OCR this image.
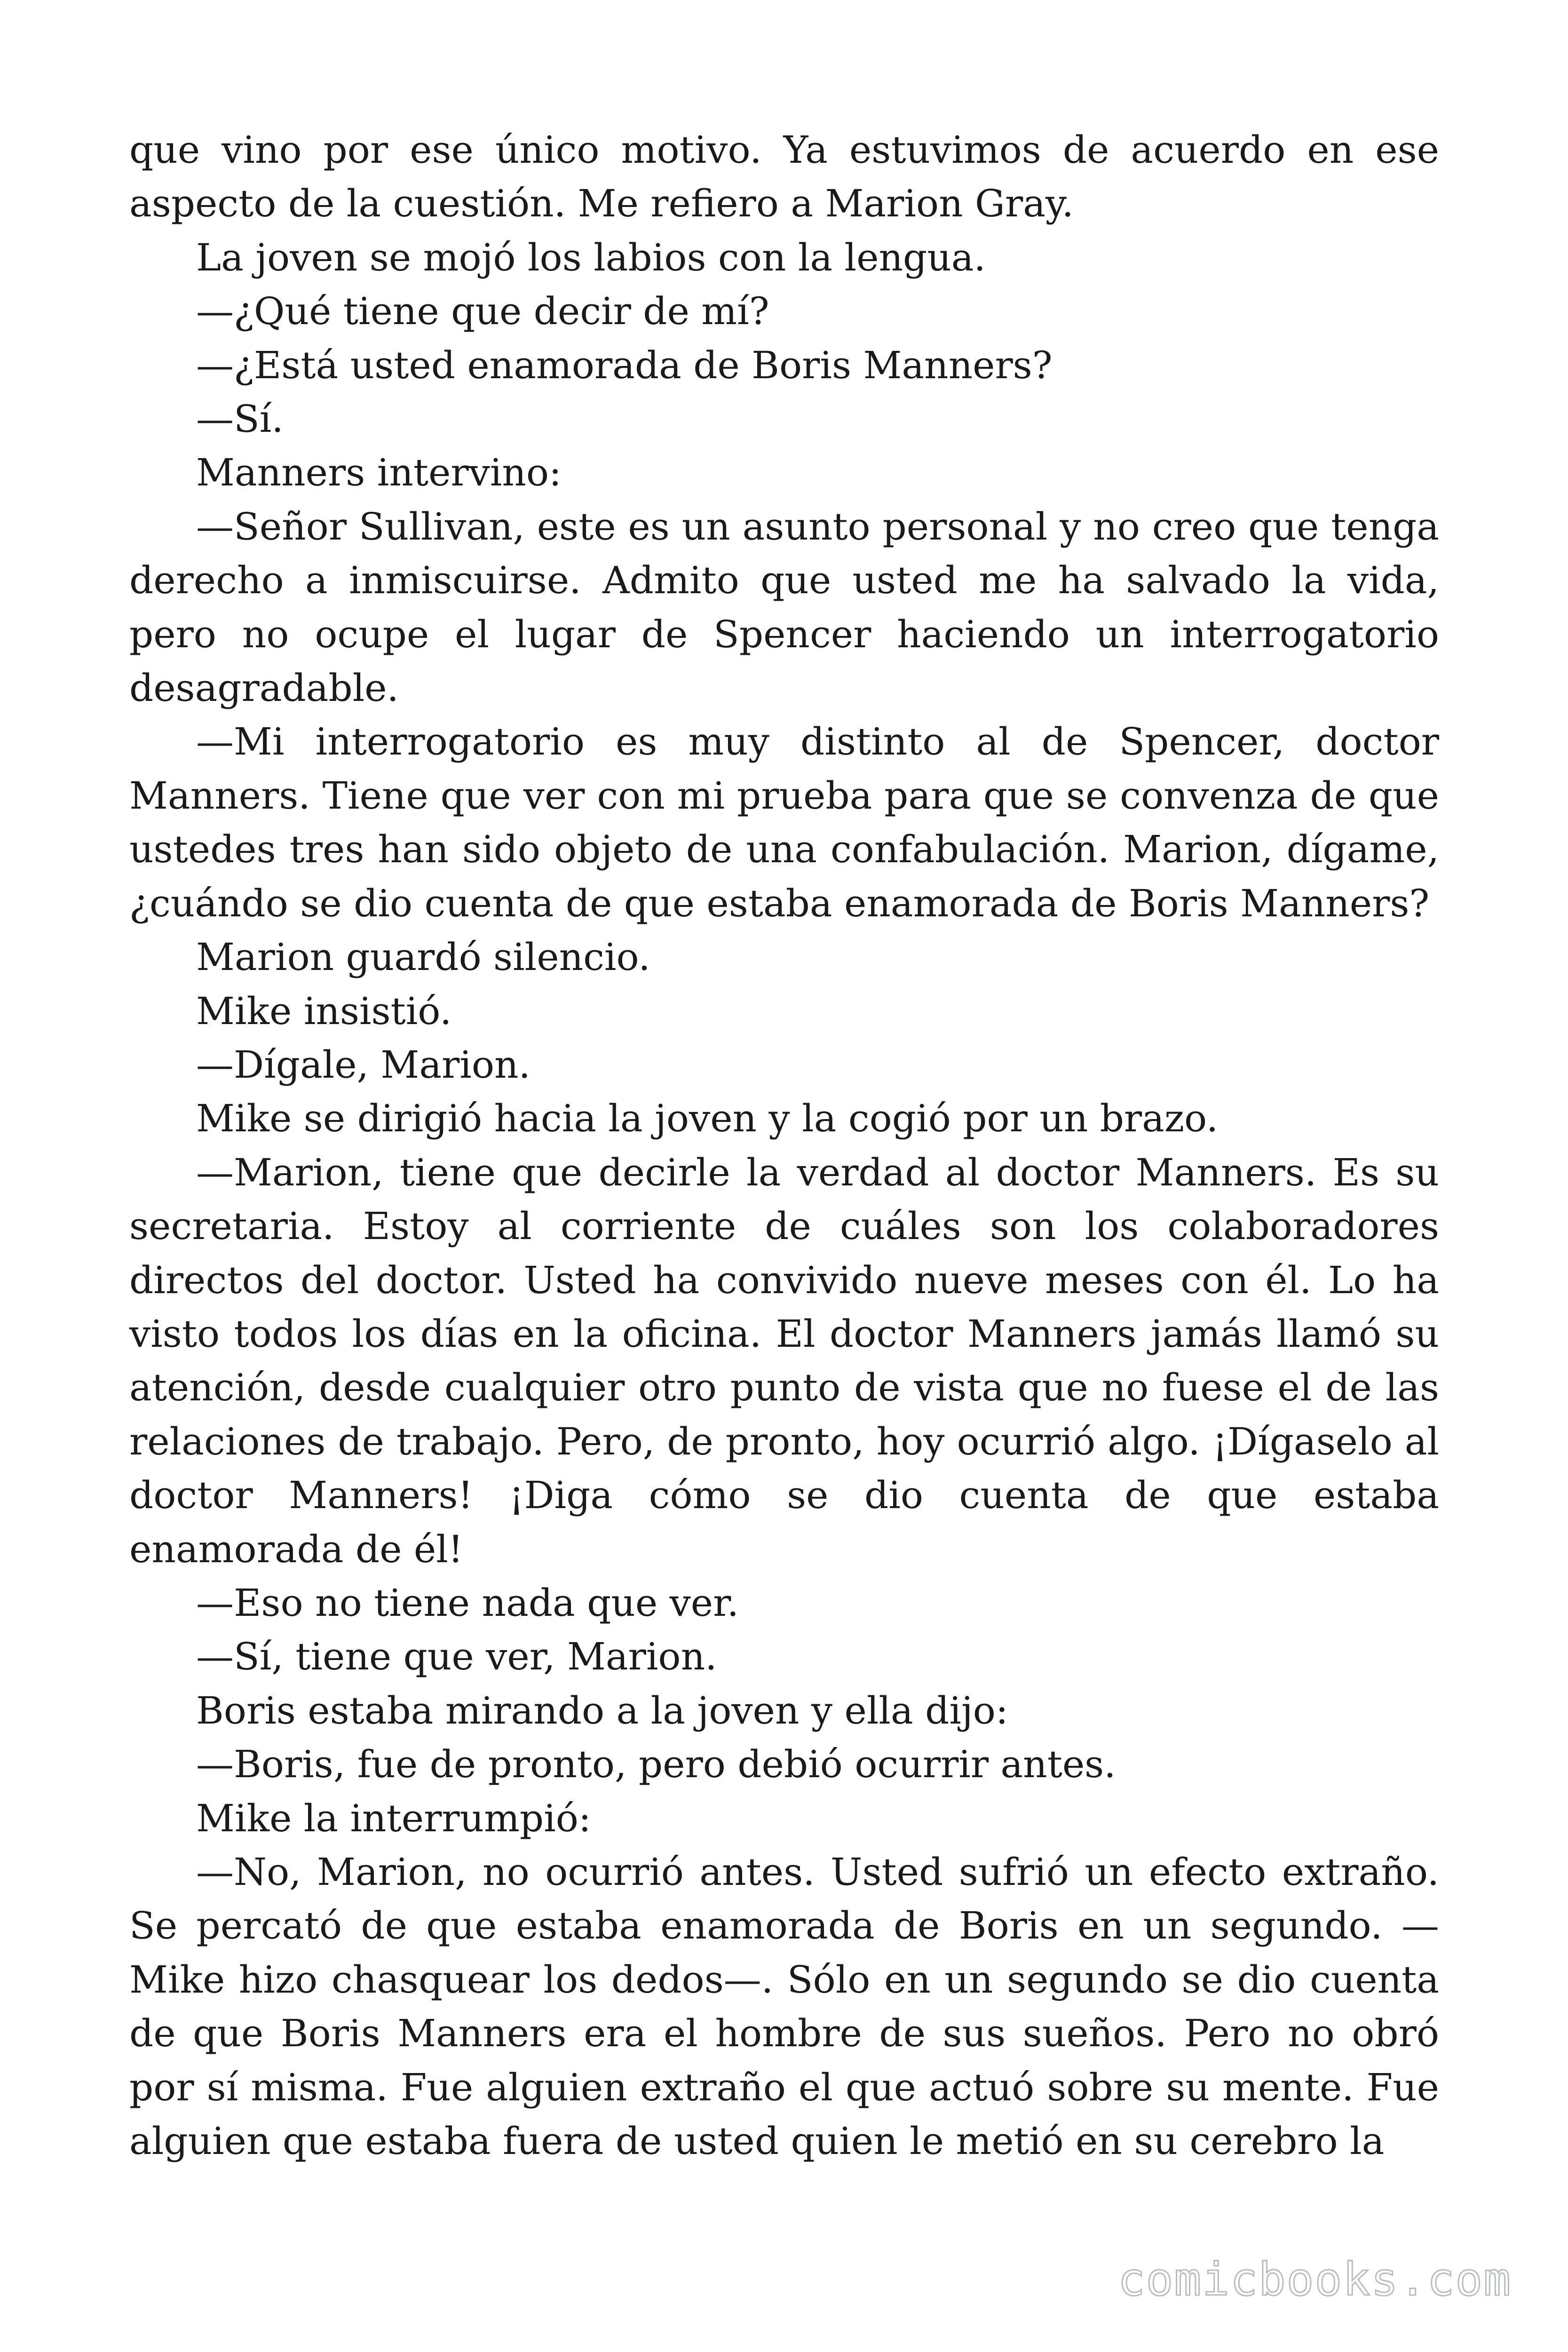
que vino por ese único motivo. Ya estuvimos de acuerdo en ese aspecto de la cuestión. Me refiero a Marion Gray.

La joven se mojó los labios con la lengua.

—¿Qué tiene que decir de mí?

—¿Está usted enamorada de Boris Manners?

—Sí.

Manners intervino:

—Señor Sullivan, este es un asunto personal y no creo que tenga derecho a inmiscuirse. Admito que usted me ha salvado la vida, pero no ocupe el lugar de Spencer haciendo un interrogatorio desagradable.

—Mi interrogatorio es muy distinto al de Spencer, doctor Manners. Tiene que ver con mi prueba para que se convenza de que ustedes tres han sido objeto de una confabulación. Marion, dígame, ¿cuándo se dio cuenta de que estaba enamorada de Boris Manners?

Marion guardó silencio.

Mike insistió.

—Dígale, Marion.

Mike se dirigió hacia la joven y la cogió por un brazo.

—Marion, tiene que decirle la verdad al doctor Manners. Es su secretaria. Estoy al corriente de cuáles son los colaboradores directos del doctor. Usted ha convivido nueve meses con él. Lo ha visto todos los días en la oficina. El doctor Manners jamás llamó su atención, desde cualquier otro punto de vista que no fuese el de las relaciones de trabajo. Pero, de pronto, hoy ocurrió algo. ¡Dígaselo al doctor Manners! ¡Diga cómo se dio cuenta de que estaba enamorada de él!

—Eso no tiene nada que ver.

—Sí, tiene que ver, Marion.

Boris estaba mirando a la joven y ella dijo:

—Boris, fue de pronto, pero debió ocurrir antes.

Mike la interrumpió:

—No, Marion, no ocurrió antes. Usted sufrió un efecto extraño. Se percató de que estaba enamorada de Boris en un segundo. —Mike hizo chasquear los dedos—. Sólo en un segundo se dio cuenta de que Boris Manners era el hombre de sus sueños. Pero no obró por sí misma. Fue alguien extraño el que actuó sobre su mente. Fue alguien que estaba fuera de usted quien le metió en su cerebro la

comicbooks.com
